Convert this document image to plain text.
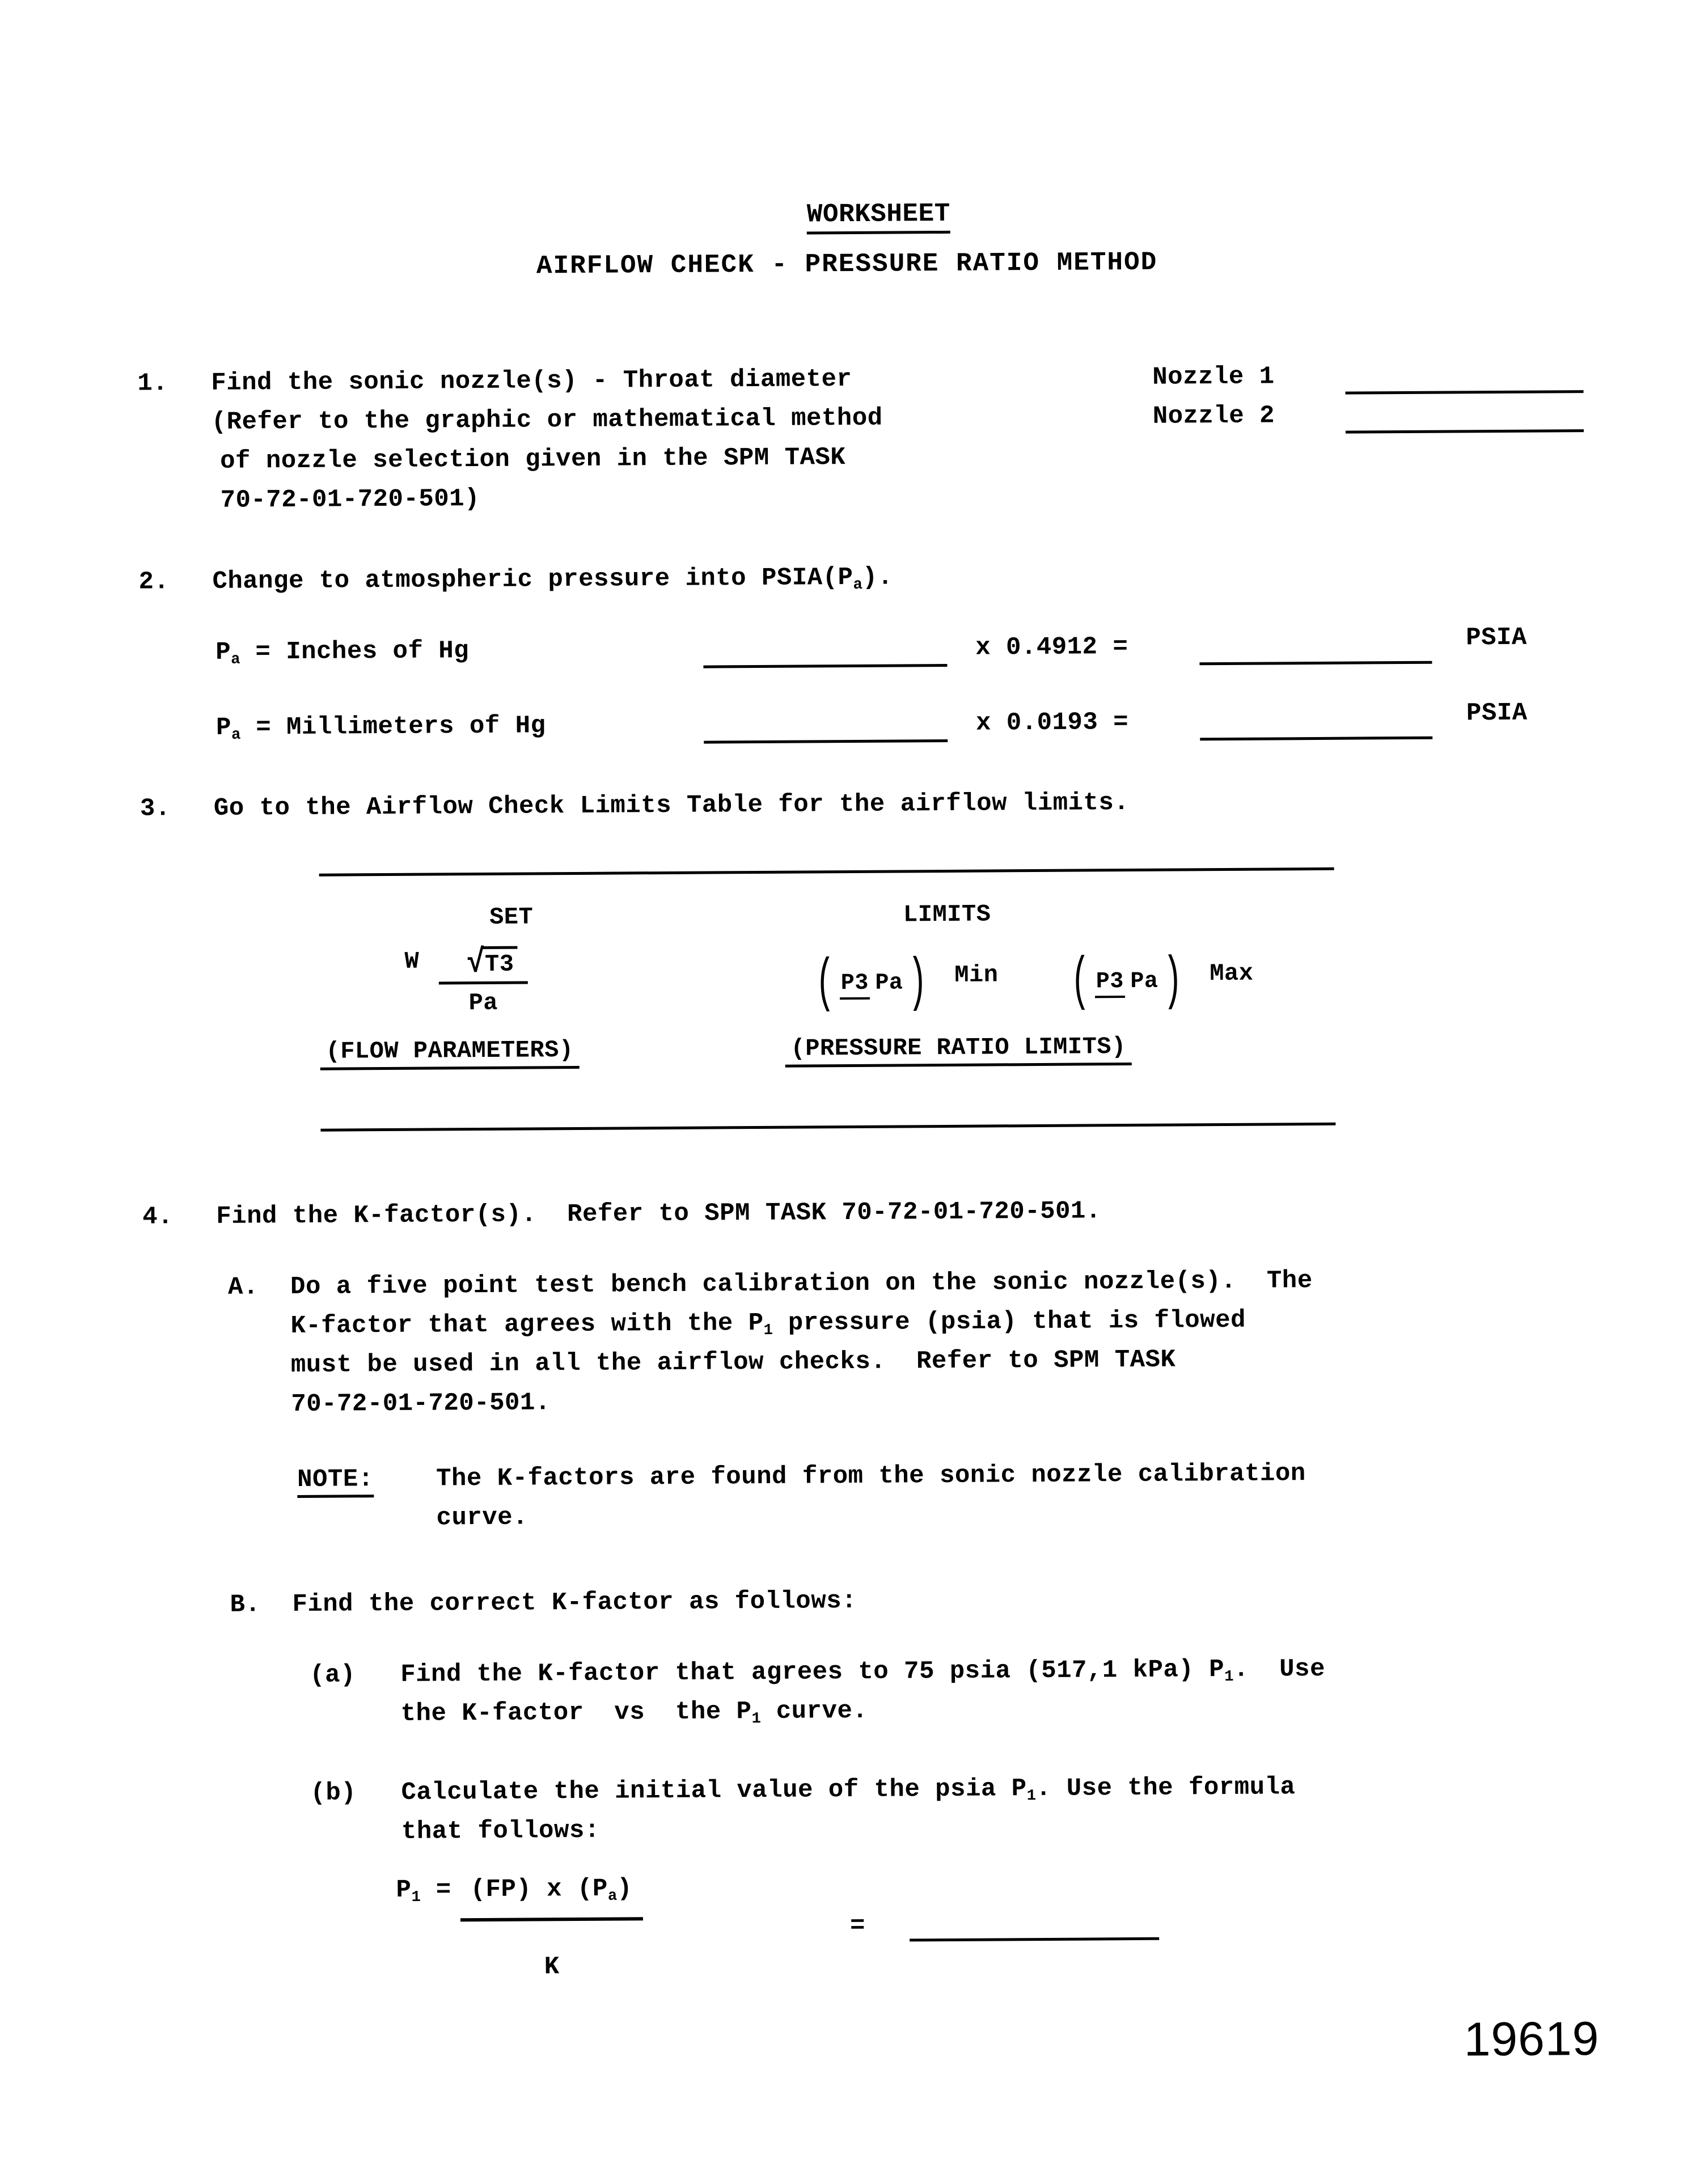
WORKSHEET

AIRFLOW CHECK - PRESSURE RATIO METHOD
1. Find the sonic nozzle(s) - Throat diameter
(Refer to the graphic or mathematical method
of nozzle selection given in the SPM TASK
70-72-01-720-501)
Nozzle 1
Nozzle 2
2. Change to atmospheric pressure into $PSIA(P_a)$.
$P_a$ = Inches of Hg	x 0.4912 =	PSIA
$P_a$ = Millimeters of Hg	x 0.0193 =	PSIA
3. Go to the Airflow Check Limits Table for the airflow limits.
SET	LIMITS
W $\frac{√T3}{Pa}$
(FLOW PARAMETERS)
( P3 Pa ) Min ( P3 Pa ) Max
(PRESSURE RATIO LIMITS)
4. Find the K-factor(s).  Refer to SPM TASK 70-72-01-720-501.
A. Do a five point test bench calibration on the sonic nozzle(s).  The
K-factor that agrees with the $P_1$ pressure (psia) that is flowed
must be used in all the airflow checks.  Refer to SPM TASK
70-72-01-720-501.
NOTE:	The K-factors are found from the sonic nozzle calibration
curve.
B. Find the correct K-factor as follows:
(a) Find the K-factor that agrees to 75 psia (517,1 kPa) $P_1$.  Use
the K-factor  vs  the $P_1$ curve.
(b) Calculate the initial value of the psia $P_1$. Use the formula
that follows:
$P_1 = \frac{(FP) x (P_a)}{K}$	=
19619
